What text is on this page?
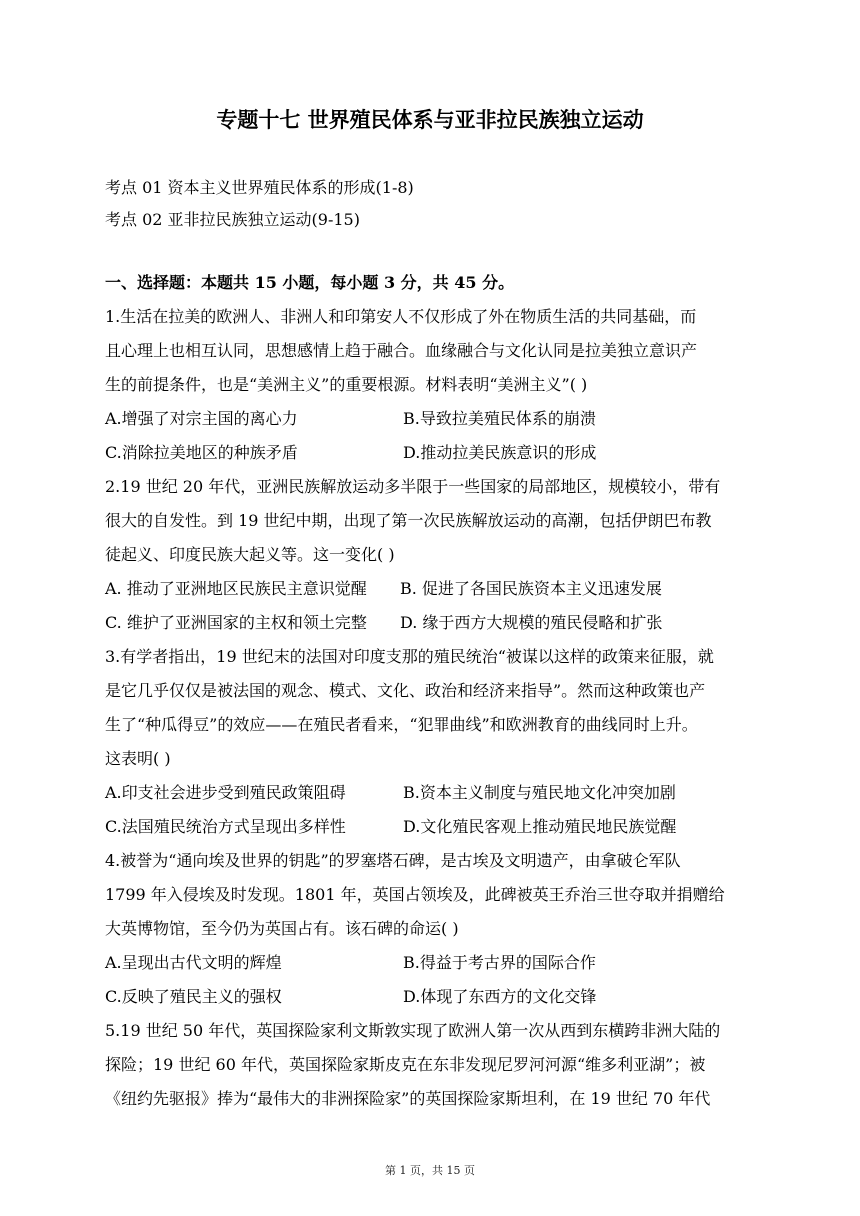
专题十七 世界殖民体系与亚非拉民族独立运动
考点 01 资本主义世界殖民体系的形成(1-8)
考点 02 亚非拉民族独立运动(9-15)
一、选择题：本题共 15 小题，每小题 3 分，共 45 分。
1.生活在拉美的欧洲人、非洲人和印第安人不仅形成了外在物质生活的共同基础，而
且心理上也相互认同，思想感情上趋于融合。血缘融合与文化认同是拉美独立意识产
生的前提条件，也是“美洲主义”的重要根源。材料表明“美洲主义”( )
A.增强了对宗主国的离心力	B.导致拉美殖民体系的崩溃
C.消除拉美地区的种族矛盾	D.推动拉美民族意识的形成
2.19 世纪 20 年代，亚洲民族解放运动多半限于一些国家的局部地区，规模较小，带有
很大的自发性。到 19 世纪中期，出现了第一次民族解放运动的高潮，包括伊朗巴布教
徒起义、印度民族大起义等。这一变化( )
A. 推动了亚洲地区民族民主意识觉醒 B. 促进了各国民族资本主义迅速发展
C. 维护了亚洲国家的主权和领土完整 D. 缘于西方大规模的殖民侵略和扩张
3.有学者指出，19 世纪末的法国对印度支那的殖民统治“被谋以这样的政策来征服，就
是它几乎仅仅是被法国的观念、模式、文化、政治和经济来指导”。然而这种政策也产
生了“种瓜得豆”的效应——在殖民者看来，“犯罪曲线”和欧洲教育的曲线同时上升。
这表明( )
A.印支社会进步受到殖民政策阻碍	B.资本主义制度与殖民地文化冲突加剧
C.法国殖民统治方式呈现出多样性	D.文化殖民客观上推动殖民地民族觉醒
4.被誉为“通向埃及世界的钥匙”的罗塞塔石碑，是古埃及文明遗产，由拿破仑军队
1799 年入侵埃及时发现。1801 年，英国占领埃及，此碑被英王乔治三世夺取并捐赠给
大英博物馆，至今仍为英国占有。该石碑的命运( )
A.呈现出古代文明的辉煌	B.得益于考古界的国际合作
C.反映了殖民主义的强权	D.体现了东西方的文化交锋
5.19 世纪 50 年代，英国探险家利文斯敦实现了欧洲人第一次从西到东横跨非洲大陆的
探险；19 世纪 60 年代，英国探险家斯皮克在东非发现尼罗河河源“维多利亚湖”；被
《纽约先驱报》捧为“最伟大的非洲探险家”的英国探险家斯坦利，在 19 世纪 70 年代
第 1 页，共 15 页
